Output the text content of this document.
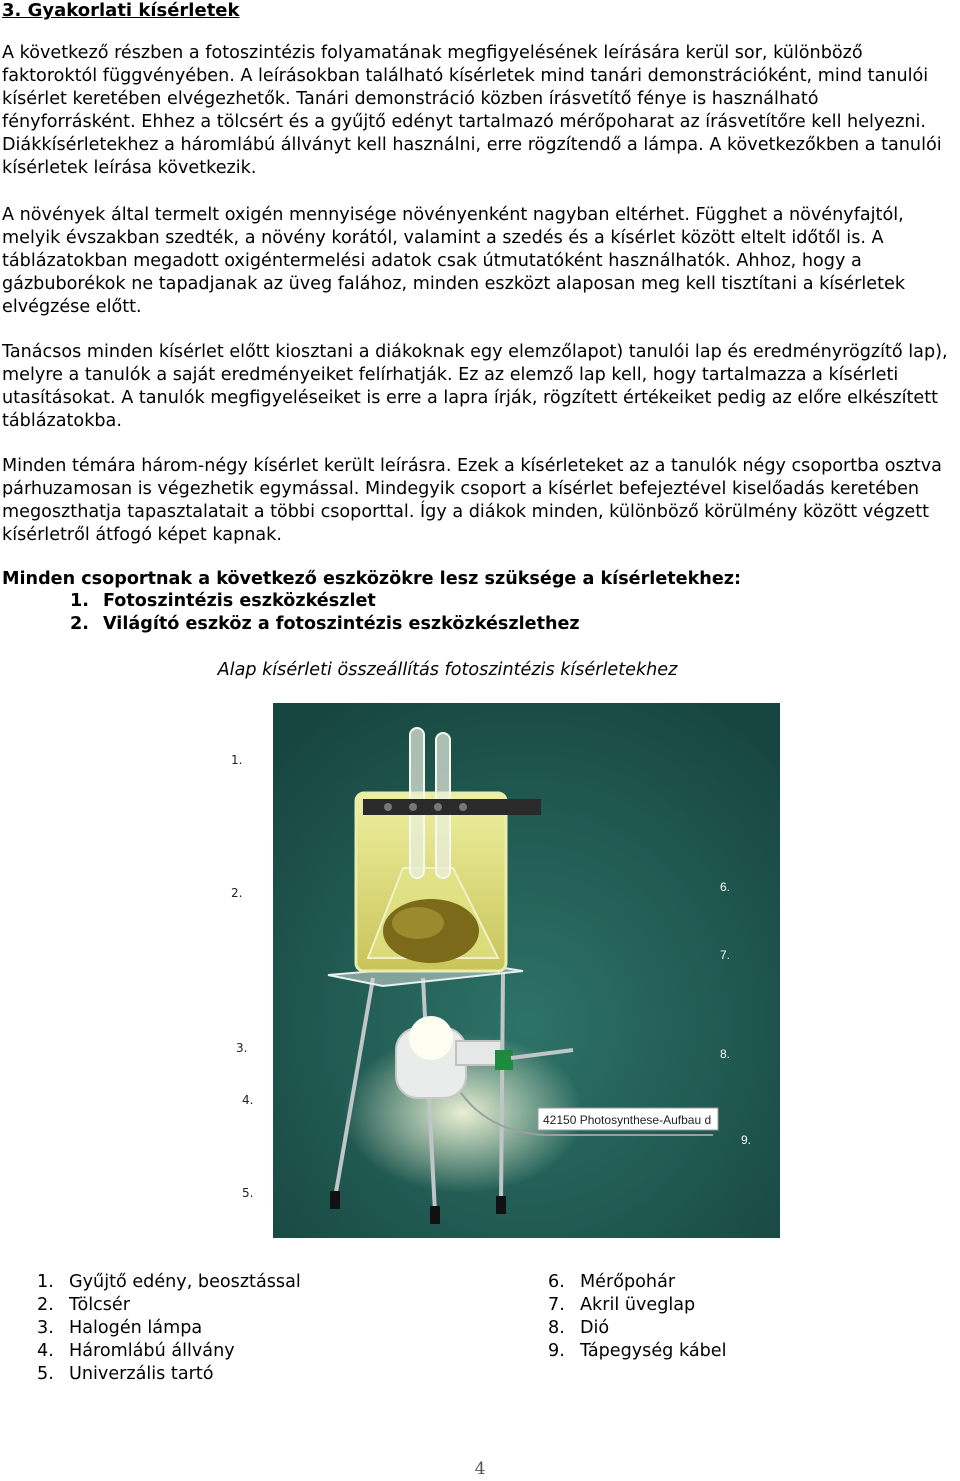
3. Gyakorlati kísérletek

A következő részben a fotoszintézis folyamatának megfigyelésének leírására kerül sor, különböző faktoroktól függvényében. A leírásokban található kísérletek mind tanári demonstrációként, mind tanulói kísérlet keretében elvégezhetők. Tanári demonstráció közben írásvetítő fénye is használható fényforrásként. Ehhez a tölcsért és a gyűjtő edényt tartalmazó mérőpoharat az írásvetítőre kell helyezni. Diákkísérletekhez a háromlábú állványt kell használni, erre rögzítendő a lámpa. A következőkben a tanulói kísérletek leírása következik.

A növények által termelt oxigén mennyisége növényenként nagyban eltérhet. Függhet a növényfajtól, melyik évszakban szedték, a növény korától, valamint a szedés és a kísérlet között eltelt időtől is. A táblázatokban megadott oxigéntermelési adatok csak útmutatóként használhatók. Ahhoz, hogy a gázbuborékok ne tapadjanak az üveg falához, minden eszközt alaposan meg kell tisztítani a kísérletek elvégzése előtt.

Tanácsos minden kísérlet előtt kiosztani a diákoknak egy elemzőlapot) tanulói lap és eredményrögzítő lap), melyre a tanulók a saját eredményeiket felírhatják. Ez az elemző lap kell, hogy tartalmazza a kísérleti utasításokat. A tanulók megfigyeléseiket is erre a lapra írják, rögzített értékeiket pedig az előre elkészített táblázatokba.

Minden témára három-négy kísérlet került leírásra. Ezek a kísérleteket az a tanulók négy csoportba osztva párhuzamosan is végezhetik egymással. Mindegyik csoport a kísérlet befejeztével kiselőadás keretében megoszthatja tapasztalatait a többi csoporttal. Így a diákok minden, különböző körülmény között végzett kísérletről átfogó képet kapnak.

Minden csoportnak a következő eszközökre lesz szüksége a kísérletekhez:

1. Fotoszintézis eszközkészlet
2. Világító eszköz a fotoszintézis eszközkészlethez
Alap kísérleti összeállítás fotoszintézis kísérletekhez
42150 Photosynthese-Aufbau d
6.
7.
8.
9.
1.
2.
3.
4.
5.
1. Gyűjtő edény, beosztással
2. Tölcsér
3. Halogén lámpa
4. Háromlábú állvány
5. Univerzális tartó
6. Mérőpohár
7. Akril üveglap
8. Dió
9. Tápegység kábel
4
